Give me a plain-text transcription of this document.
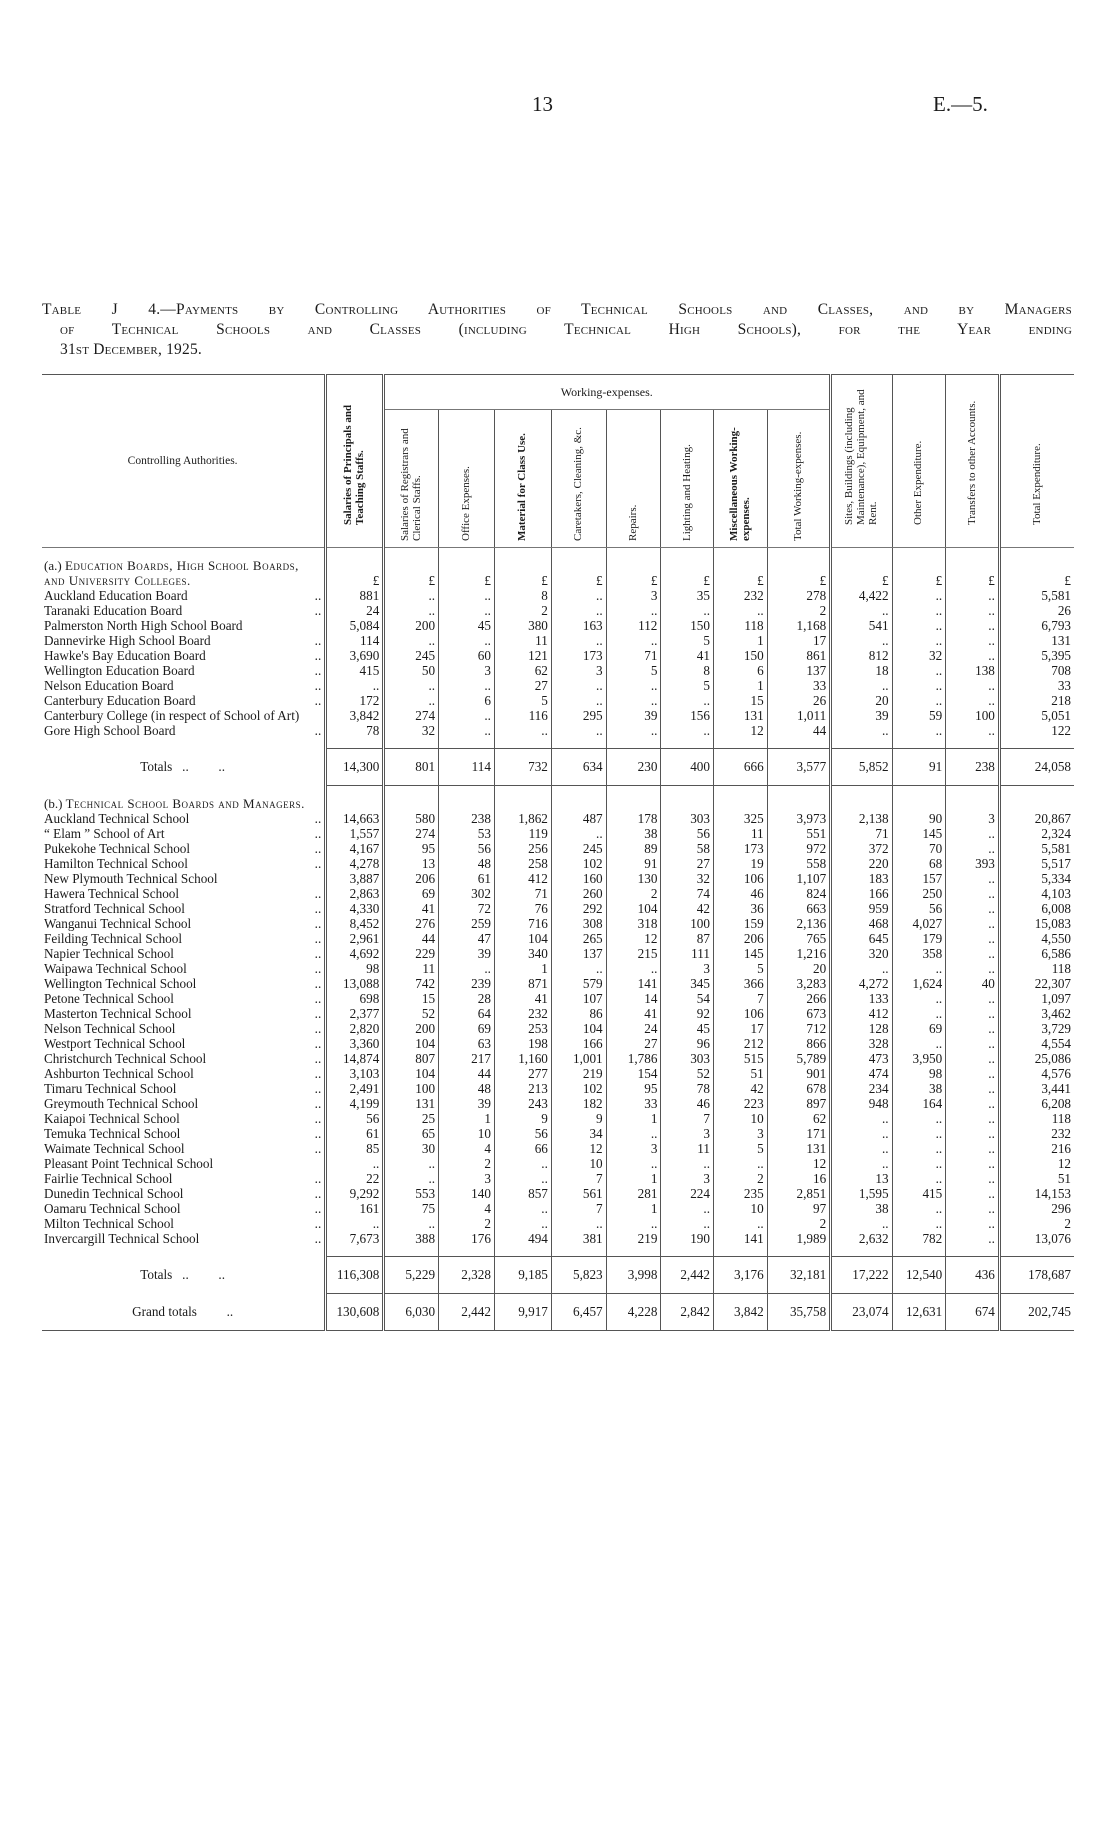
13	E.—5.
Table J 4.—Payments by Controlling Authorities of Technical Schools and Classes, and by Managers
of Technical Schools and Classes (including Technical High Schools), for the Year ending
31st December, 1925.
Controlling Authorities.	Salaries of Principals and Teaching Staffs.	Working-expenses.								Sites, Buildings (including Maintenance), Equipment, and Rent.	Other Expenditure.	Transfers to other Accounts.	Total Expenditure.

		Salaries of Registrars and Clerical Staffs.	Office Expenses.	Material for Class Use.	Caretakers, Cleaning, &c.	Repairs.	Lighting and Heating.	Miscellaneous Working-expenses.	Total Working-expenses.				

(a.) Education Boards, High School Boards, and University Colleges.	£	£	£	£	£	£	£	£	£	£	£	£	£

..
Auckland Education Board	881	..	..	8	..	3	35	232	278	4,422	..	..	5,581

..
Taranaki Education Board	24	..	..	2	..	..	..	..	2	..	..	..	26

Palmerston North High School Board	5,084	200	45	380	163	112	150	118	1,168	541	..	..	6,793

..
Dannevirke High School Board	114	..	..	11	..	..	5	1	17	..	..	..	131

..
Hawke's Bay Education Board	3,690	245	60	121	173	71	41	150	861	812	32	..	5,395

..
Wellington Education Board	415	50	3	62	3	5	8	6	137	18	..	138	708

..
Nelson Education Board	..	..	..	27	..	..	5	1	33	..	..	..	33

..
Canterbury Education Board	172	..	6	5	..	..	..	15	26	20	..	..	218

Canterbury College (in respect of School of Art)	3,842	274	..	116	295	39	156	131	1,011	39	59	100	5,051

..
Gore High School Board	78	32	..	..	..	..	..	12	44	..	..	..	122

Totals   ..         ..	14,300	801	114	732	634	230	400	666	3,577	5,852	91	238	24,058

(b.) Technical School Boards and Managers.													

..
Auckland Technical School	14,663	580	238	1,862	487	178	303	325	3,973	2,138	90	3	20,867

..
“ Elam ” School of Art	1,557	274	53	119	..	38	56	11	551	71	145	..	2,324

..
Pukekohe Technical School	4,167	95	56	256	245	89	58	173	972	372	70	..	5,581

..
Hamilton Technical School	4,278	13	48	258	102	91	27	19	558	220	68	393	5,517

New Plymouth Technical School	3,887	206	61	412	160	130	32	106	1,107	183	157	..	5,334

..
Hawera Technical School	2,863	69	302	71	260	2	74	46	824	166	250	..	4,103

..
Stratford Technical School	4,330	41	72	76	292	104	42	36	663	959	56	..	6,008

..
Wanganui Technical School	8,452	276	259	716	308	318	100	159	2,136	468	4,027	..	15,083

..
Feilding Technical School	2,961	44	47	104	265	12	87	206	765	645	179	..	4,550

..
Napier Technical School	4,692	229	39	340	137	215	111	145	1,216	320	358	..	6,586

..
Waipawa Technical School	98	11	..	1	..	..	3	5	20	..	..	..	118

..
Wellington Technical School	13,088	742	239	871	579	141	345	366	3,283	4,272	1,624	40	22,307

..
Petone Technical School	698	15	28	41	107	14	54	7	266	133	..	..	1,097

..
Masterton Technical School	2,377	52	64	232	86	41	92	106	673	412	..	..	3,462

..
Nelson Technical School	2,820	200	69	253	104	24	45	17	712	128	69	..	3,729

..
Westport Technical School	3,360	104	63	198	166	27	96	212	866	328	..	..	4,554

..
Christchurch Technical School	14,874	807	217	1,160	1,001	1,786	303	515	5,789	473	3,950	..	25,086

..
Ashburton Technical School	3,103	104	44	277	219	154	52	51	901	474	98	..	4,576

..
Timaru Technical School	2,491	100	48	213	102	95	78	42	678	234	38	..	3,441

..
Greymouth Technical School	4,199	131	39	243	182	33	46	223	897	948	164	..	6,208

..
Kaiapoi Technical School	56	25	1	9	9	1	7	10	62	..	..	..	118

..
Temuka Technical School	61	65	10	56	34	..	3	3	171	..	..	..	232

..
Waimate Technical School	85	30	4	66	12	3	11	5	131	..	..	..	216

Pleasant Point Technical School	..	..	2	..	10	..	..	..	12	..	..	..	12

..
Fairlie Technical School	22	..	3	..	7	1	3	2	16	13	..	..	51

..
Dunedin Technical School	9,292	553	140	857	561	281	224	235	2,851	1,595	415	..	14,153

..
Oamaru Technical School	161	75	4	..	7	1	..	10	97	38	..	..	296

..
Milton Technical School	..	..	2	..	..	..	..	..	2	..	..	..	2

..
Invercargill Technical School	7,673	388	176	494	381	219	190	141	1,989	2,632	782	..	13,076

Totals   ..         ..	116,308	5,229	2,328	9,185	5,823	3,998	2,442	3,176	32,181	17,222	12,540	436	178,687
Grand totals         ..	130,608	6,030	2,442	9,917	6,457	4,228	2,842	3,842	35,758	23,074	12,631	674	202,745
